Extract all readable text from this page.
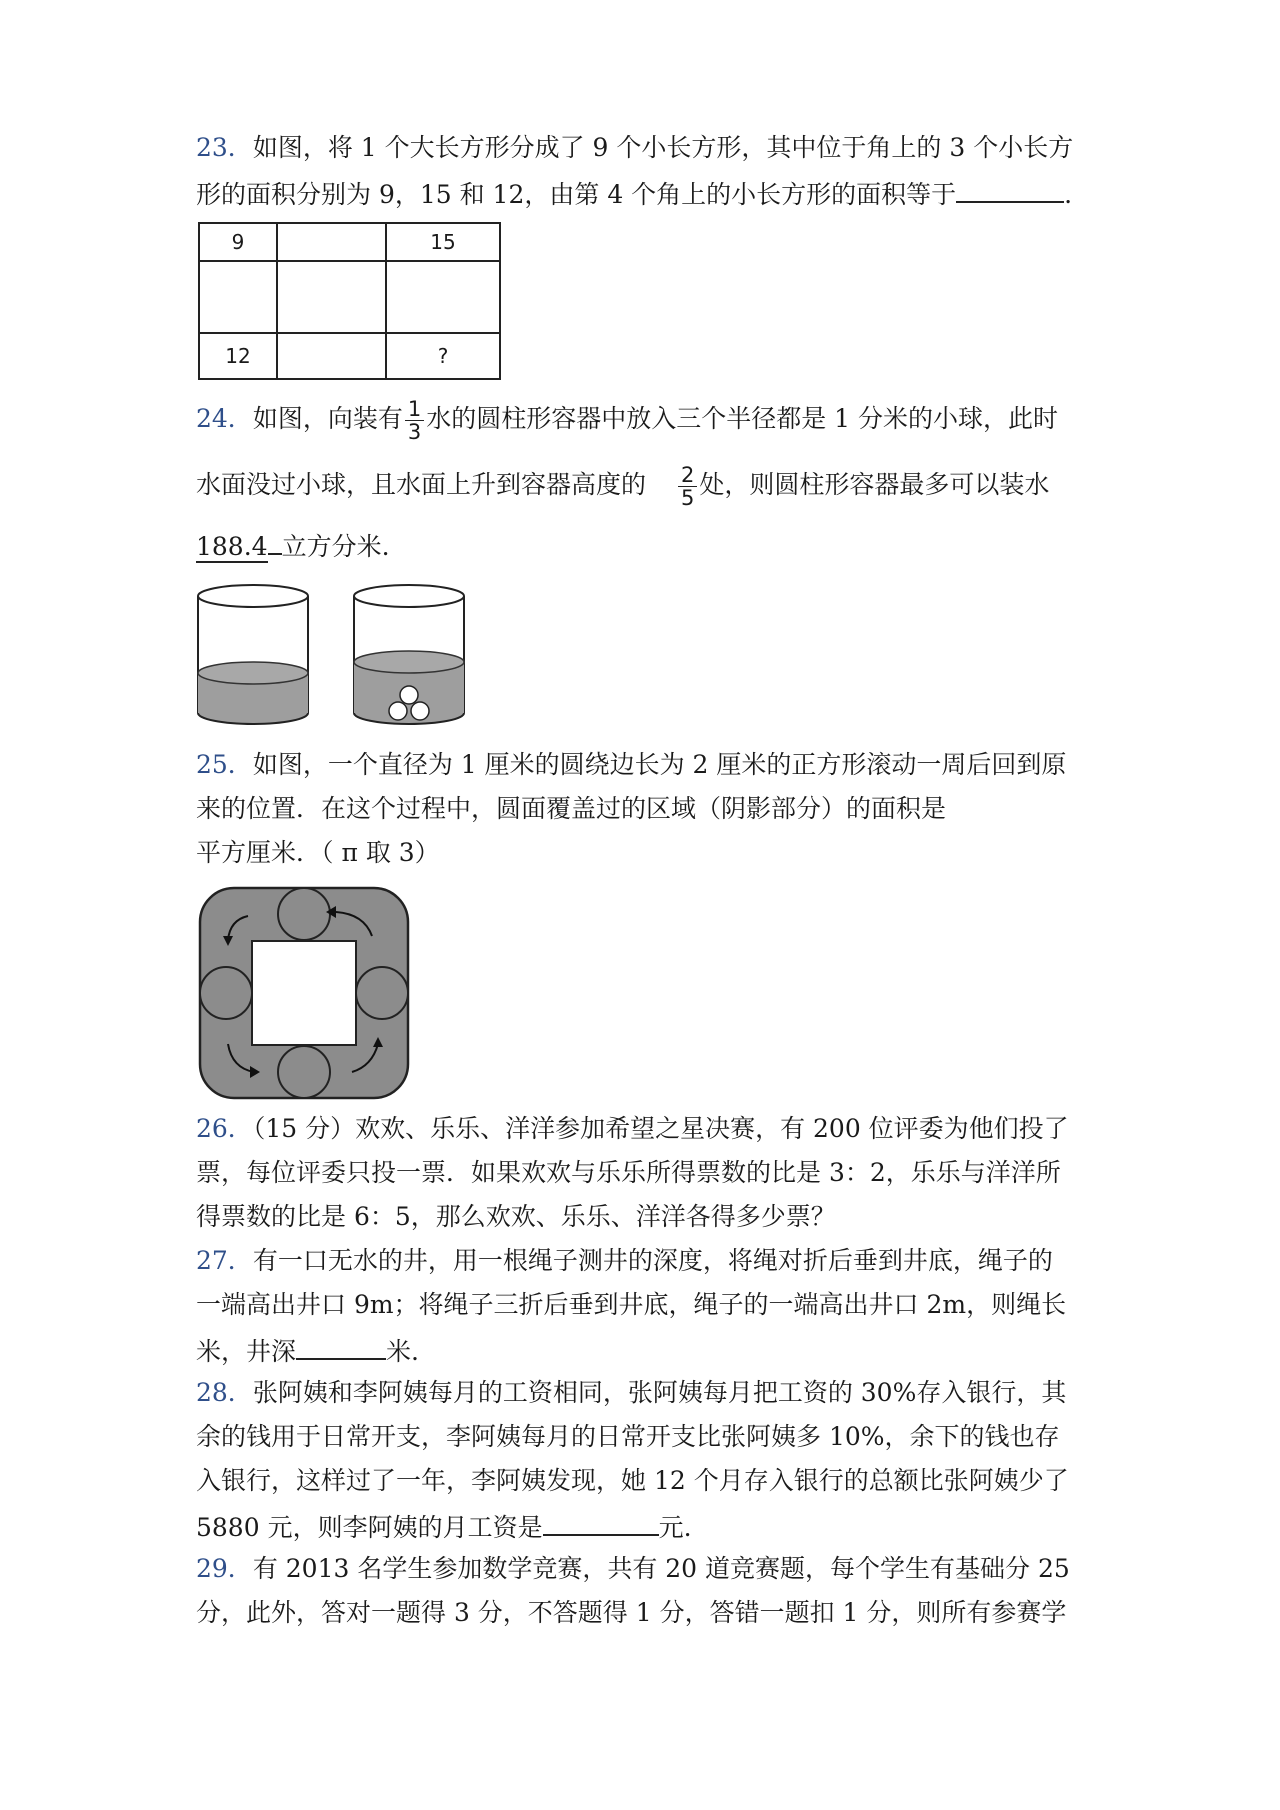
23．如图，将 1 个大长方形分成了 9 个小长方形，其中位于角上的 3 个小长方
形的面积分别为 9，15 和 12，由第 4 个角上的小长方形的面积等于	.
9		15

12		?
24．如图，向装有 $\frac{1}{3}$ 水的圆柱形容器中放入三个半径都是 1 分米的小球，此时
水面没过小球，且水面上升到容器高度的 $\frac{2}{5}$ 处，则圆柱形容器最多可以装水
188.4 立方分米.
25．如图，一个直径为 1 厘米的圆绕边长为 2 厘米的正方形滚动一周后回到原
来的位置．在这个过程中，圆面覆盖过的区域（阴影部分）的面积是
平方厘米．（ π 取 3）
26．（15 分）欢欢、乐乐、洋洋参加希望之星决赛，有 200 位评委为他们投了
票，每位评委只投一票．如果欢欢与乐乐所得票数的比是 3：2，乐乐与洋洋所
得票数的比是 6：5，那么欢欢、乐乐、洋洋各得多少票？
27．有一口无水的井，用一根绳子测井的深度，将绳对折后垂到井底，绳子的
一端高出井口 9m；将绳子三折后垂到井底，绳子的一端高出井口 2m，则绳长
米，井深	米.
28．张阿姨和李阿姨每月的工资相同，张阿姨每月把工资的 30%存入银行，其
余的钱用于日常开支，李阿姨每月的日常开支比张阿姨多 10%，余下的钱也存
入银行，这样过了一年，李阿姨发现，她 12 个月存入银行的总额比张阿姨少了
5880 元，则李阿姨的月工资是	元.
29．有 2013 名学生参加数学竞赛，共有 20 道竞赛题，每个学生有基础分 25
分，此外，答对一题得 3 分，不答题得 1 分，答错一题扣 1 分，则所有参赛学
